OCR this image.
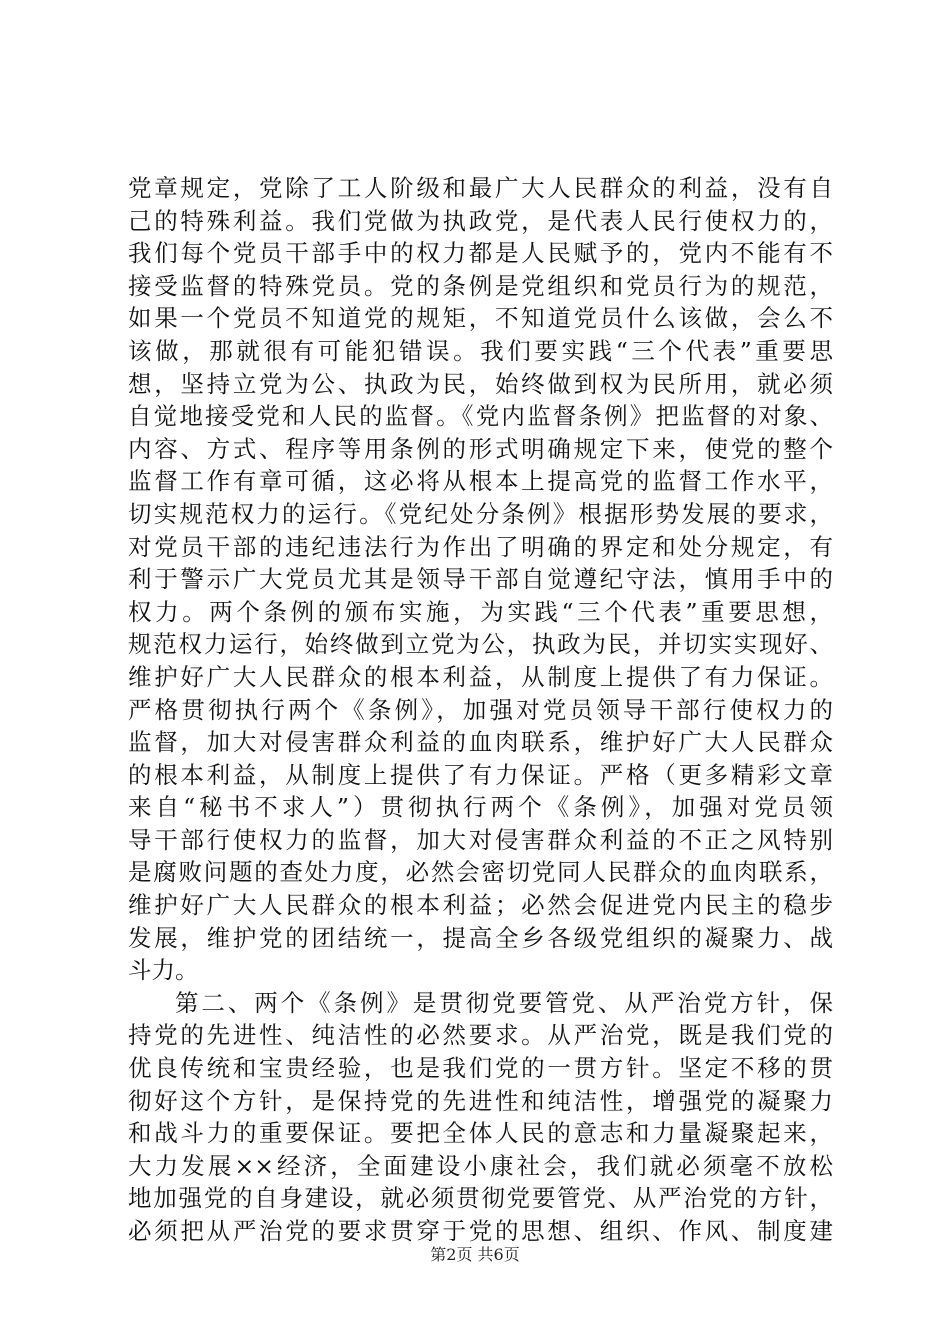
党章规定，党除了工人阶级和最广大人民群众的利益，没有自
己的特殊利益。我们党做为执政党，是代表人民行使权力的，
我们每个党员干部手中的权力都是人民赋予的，党内不能有不
接受监督的特殊党员。党的条例是党组织和党员行为的规范，
如果一个党员不知道党的规矩，不知道党员什么该做，会么不
该做，那就很有可能犯错误。我们要实践“三个代表”重要思
想，坚持立党为公、执政为民，始终做到权为民所用，就必须
自觉地接受党和人民的监督。《党内监督条例》把监督的对象、
内容、方式、程序等用条例的形式明确规定下来，使党的整个
监督工作有章可循，这必将从根本上提高党的监督工作水平，
切实规范权力的运行。《党纪处分条例》根据形势发展的要求，
对党员干部的违纪违法行为作出了明确的界定和处分规定，有
利于警示广大党员尤其是领导干部自觉遵纪守法，慎用手中的
权力。两个条例的颁布实施，为实践“三个代表”重要思想，
规范权力运行，始终做到立党为公，执政为民，并切实实现好、
维护好广大人民群众的根本利益，从制度上提供了有力保证。
严格贯彻执行两个《条例》，加强对党员领导干部行使权力的
监督，加大对侵害群众利益的血肉联系，维护好广大人民群众
的根本利益，从制度上提供了有力保证。严格（更多精彩文章
来自“秘书不求人”）贯彻执行两个《条例》，加强对党员领
导干部行使权力的监督，加大对侵害群众利益的不正之风特别
是腐败问题的查处力度，必然会密切党同人民群众的血肉联系，
维护好广大人民群众的根本利益；必然会促进党内民主的稳步
发展，维护党的团结统一，提高全乡各级党组织的凝聚力、战
斗力。
第二、两个《条例》是贯彻党要管党、从严治党方针，保
持党的先进性、纯洁性的必然要求。从严治党，既是我们党的
优良传统和宝贵经验，也是我们党的一贯方针。坚定不移的贯
彻好这个方针，是保持党的先进性和纯洁性，增强党的凝聚力
和战斗力的重要保证。要把全体人民的意志和力量凝聚起来，
大力发展××经济，全面建设小康社会，我们就必须毫不放松
地加强党的自身建设，就必须贯彻党要管党、从严治党的方针，
必须把从严治党的要求贯穿于党的思想、组织、作风、制度建
第2页 共6页
